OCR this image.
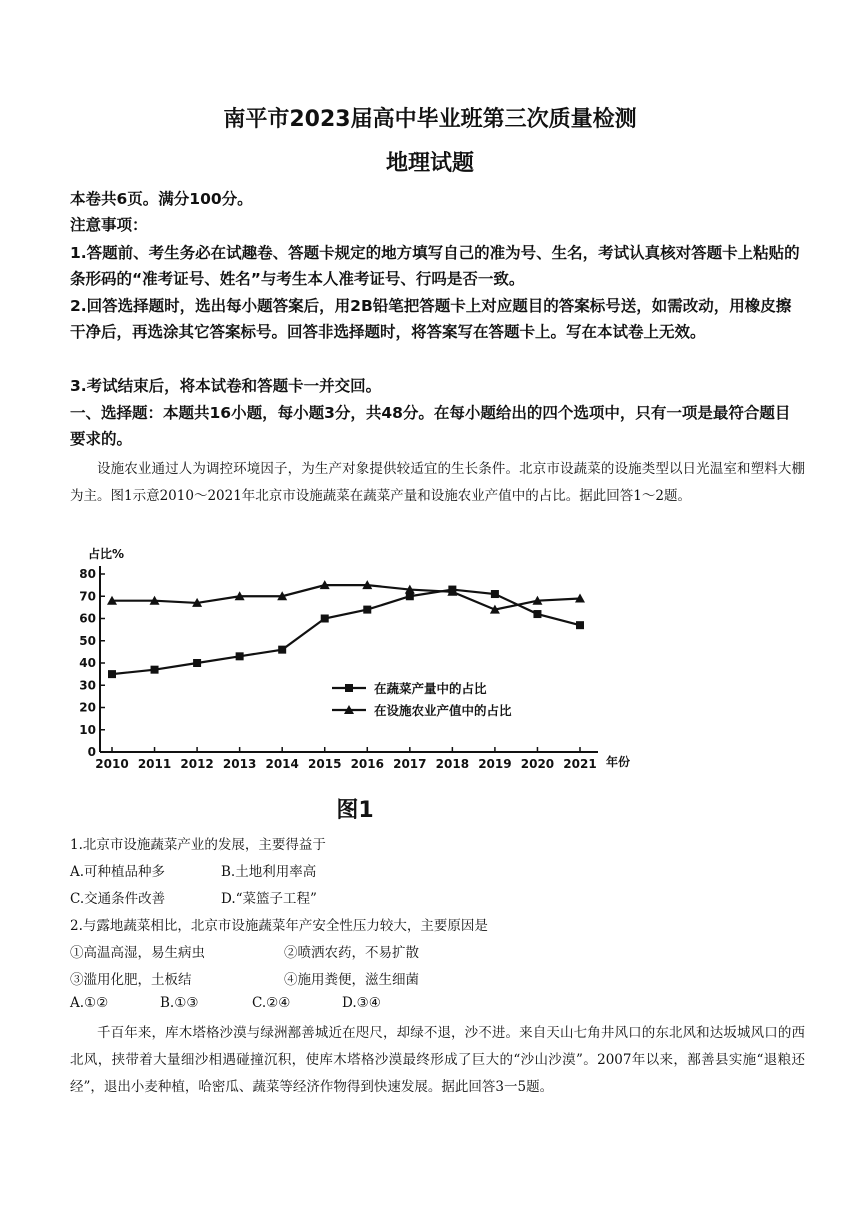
南平市2023届高中毕业班第三次质量检测
地理试题

本卷共6页。满分100分。

注意事项：

1.答题前、考生务必在试趣卷、答题卡规定的地方填写自己的准为号、生名，考试认真核对答题卡上粘贴的条形码的“准考证号、姓名”与考生本人准考证号、行吗是否一致。

2.回答选择题时，选出每小题答案后，用2B铅笔把答题卡上对应题目的答案标号送，如需改动，用橡皮擦干净后，再选涂其它答案标号。回答非选择题时，将答案写在答题卡上。写在本试卷上无效。

3.考试结束后，将本试卷和答题卡一并交回。

一、选择题：本题共16小题，每小题3分，共48分。在每小题给出的四个选项中，只有一项是最符合题目要求的。

设施农业通过人为调控环境因子，为生产对象提供较适宜的生长条件。北京市设蔬菜的设施类型以日光温室和塑料大棚为主。图1示意2010～2021年北京市设施蔬菜在蔬菜产量和设施农业产值中的占比。据此回答1～2题。

占比%
年份
0
10
20
30
40
50
60
70
80
2010 2011 2012 2013 2014 2015 2016 2017 2018 2019 2020 2021
在蔬菜产量中的占比
在设施农业产值中的占比
图1

1.北京市设施蔬菜产业的发展，主要得益于

A.可种植品种多	B.土地利用率高
C.交通条件改善	D.“菜篮子工程”

2.与露地蔬菜相比，北京市设施蔬菜年产安全性压力较大，主要原因是

①高温高湿，易生病虫	②喷洒农药，不易扩散
③滥用化肥，土板结	④施用粪便，滋生细菌
A.①②	B.①③	C.②④	D.③④

千百年来，库木塔格沙漠与绿洲鄯善城近在咫尺，却绿不退，沙不进。来自天山七角井风口的东北风和达坂城风口的西北风，挟带着大量细沙相遇碰撞沉积，使库木塔格沙漠最终形成了巨大的“沙山沙漠”。2007年以来，鄯善县实施“退粮还经”，退出小麦种植，哈密瓜、蔬菜等经济作物得到快速发展。据此回答3一5题。
